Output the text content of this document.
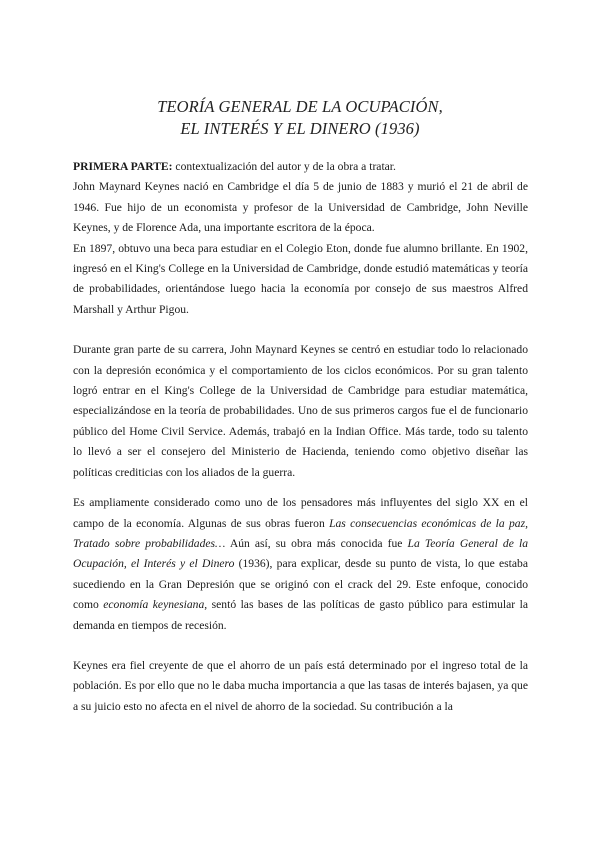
TEORÍA GENERAL DE LA OCUPACIÓN,
EL INTERÉS Y EL DINERO (1936)

PRIMERA PARTE: contextualización del autor y de la obra a tratar.

John Maynard Keynes nació en Cambridge el día 5 de junio de 1883 y murió el 21 de abril de 1946. Fue hijo de un economista y profesor de la Universidad de Cambridge, John Neville Keynes, y de Florence Ada, una importante escritora de la época.

En 1897, obtuvo una beca para estudiar en el Colegio Eton, donde fue alumno brillante. En 1902, ingresó en el King's College en la Universidad de Cambridge, donde estudió matemáticas y teoría de probabilidades, orientándose luego hacia la economía por consejo de sus maestros Alfred Marshall y Arthur Pigou.

Durante gran parte de su carrera, John Maynard Keynes se centró en estudiar todo lo relacionado con la depresión económica y el comportamiento de los ciclos económicos. Por su gran talento logró entrar en el King's College de la Universidad de Cambridge para estudiar matemática, especializándose en la teoría de probabilidades. Uno de sus primeros cargos fue el de funcionario público del Home Civil Service. Además, trabajó en la Indian Office. Más tarde, todo su talento lo llevó a ser el consejero del Ministerio de Hacienda, teniendo como objetivo diseñar las políticas crediticias con los aliados de la guerra.

Es ampliamente considerado como uno de los pensadores más influyentes del siglo XX en el campo de la economía. Algunas de sus obras fueron Las consecuencias económicas de la paz, Tratado sobre probabilidades… Aún así, su obra más conocida fue La Teoría General de la Ocupación, el Interés y el Dinero (1936), para explicar, desde su punto de vista, lo que estaba sucediendo en la Gran Depresión que se originó con el crack del 29. Este enfoque, conocido como economía keynesiana, sentó las bases de las políticas de gasto público para estimular la demanda en tiempos de recesión.

Keynes era fiel creyente de que el ahorro de un país está determinado por el ingreso total de la población. Es por ello que no le daba mucha importancia a que las tasas de interés bajasen, ya que a su juicio esto no afecta en el nivel de ahorro de la sociedad. Su contribución a la
